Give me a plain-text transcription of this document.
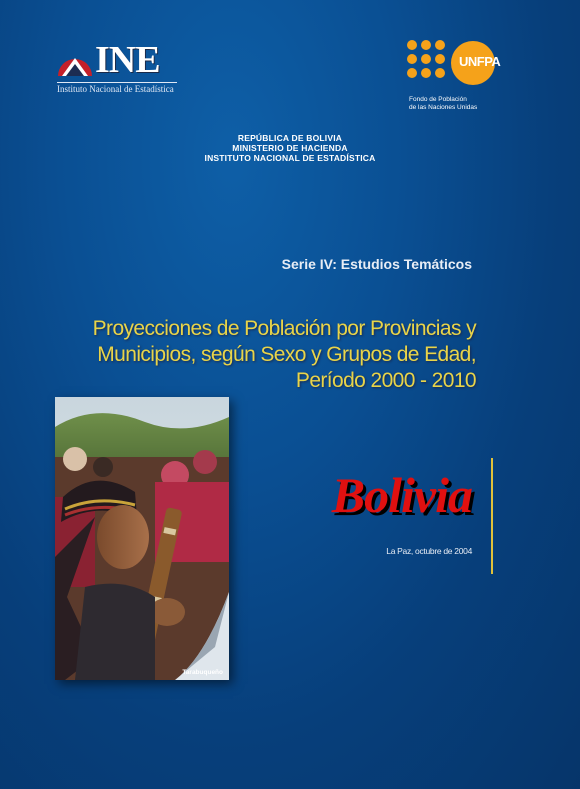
INE
Instituto Nacional de Estadística
UNFPA
Fondo de Población
de las Naciones Unidas
REPÚBLICA DE BOLIVIA
MINISTERIO DE HACIENDA
INSTITUTO NACIONAL DE ESTADÍSTICA
Serie IV: Estudios Temáticos
Proyecciones de Población por Provincias y
Municipios, según Sexo y Grupos de Edad,
Período 2000 - 2010
Tarabuqueño
Bolivia
La Paz, octubre de 2004
